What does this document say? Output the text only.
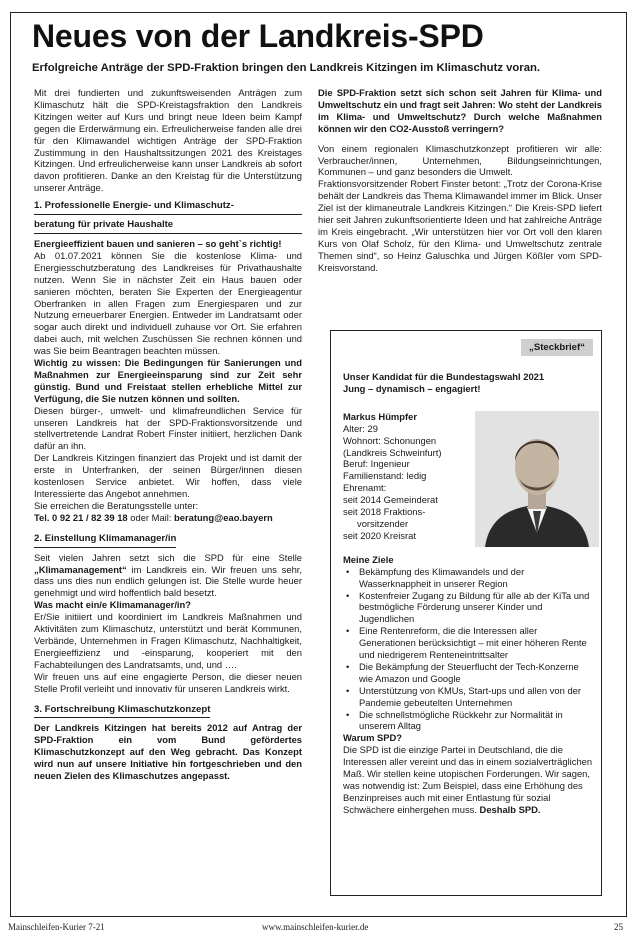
Neues von der Landkreis-SPD
Erfolgreiche Anträge der SPD-Fraktion bringen den Landkreis Kitzingen im Klimaschutz voran.

Mit drei fundierten und zukunftsweisenden Anträgen zum Klimaschutz hält die SPD-Kreistagsfraktion den Landkreis Kitzingen weiter auf Kurs und bringt neue Ideen beim Kampf gegen die Erderwärmung ein. Erfreulicherweise fanden alle drei für den Klimawandel wichtigen Anträge der SPD-Fraktion Zustimmung in den Haushaltssitzungen 2021 des Kreistages Kitzingen. Und erfreulicherweise kann unser Landkreis ab sofort davon profitieren. Danke an den Kreistag für die Unterstützung unserer Anträge.

1. Professionelle Energie- und Klimaschutz-
beratung für private Haushalte

Energieeffizient bauen und sanieren – so geht`s richtig!

Ab 01.07.2021 können Sie die kostenlose Klima- und Energiesschutzberatung des Landkreises für Privathaushalte nutzen. Wenn Sie in nächster Zeit ein Haus bauen oder sanieren möchten, beraten Sie Experten der Energieagentur Oberfranken in allen Fragen zum Energiesparen und zur Nutzung erneuerbarer Energien. Entweder im Landratsamt oder sogar auch direkt und individuell zuhause vor Ort. Sie erfahren dabei auch, mit welchen Zuschüssen Sie rechnen können und was Sie beim Beantragen beachten müssen.

Wichtig zu wissen: Die Bedingungen für Sanierungen und Maßnahmen zur Energieeinsparung sind zur Zeit sehr günstig. Bund und Freistaat stellen erhebliche Mittel zur Verfügung, die Sie nutzen können und sollten.

Diesen bürger-, umwelt- und klimafreundlichen Service für unseren Landkreis hat der SPD-Fraktionsvorsitzende und stellvertretende Landrat Robert Finster initiiert, herzlichen Dank dafür an ihn.

Der Landkreis Kitzingen finanziert das Projekt und ist damit der erste in Unterfranken, der seinen Bürger/innen diesen kostenlosen Service anbietet. Wir hoffen, dass viele Interessierte das Angebot annehmen.

Sie erreichen die Beratungsstelle unter:

Tel. 0 92 21 / 82 39 18 oder Mail: beratung@eao.bayern

2. Einstellung Klimamanager/in

Seit vielen Jahren setzt sich die SPD für eine Stelle „Klimamanagement“ im Landkreis ein. Wir freuen uns sehr, dass uns dies nun endlich gelungen ist. Die Stelle wurde heuer genehmigt und wird hoffentlich bald besetzt.

Was macht ein/e Klimamanager/in?

Er/Sie initiiert und koordiniert im Landkreis Maßnahmen und Aktivitäten zum Klimaschutz, unterstützt und berät Kommunen, Verbände, Unternehmen in Fragen Klimaschutz, Nachhaltigkeit, Energieeffizienz und -einsparung, kooperiert mit den Fachabteilungen des Landratsamts, und, und ….

Wir freuen uns auf eine engagierte Person, die dieser neuen Stelle Profil verleiht und innovativ für unseren Landkreis wirkt.

3. Fortschreibung Klimaschutzkonzept

Der Landkreis Kitzingen hat bereits 2012 auf Antrag der SPD-Fraktion ein vom Bund gefördertes Klimaschutzkonzept auf den Weg gebracht. Das Konzept wird nun auf unsere Initiative hin fortgeschrieben und den neuen Zielen des Klimaschutzes angepasst.

Die SPD-Fraktion setzt sich schon seit Jahren für Klima- und Umweltschutz ein und fragt seit Jahren: Wo steht der Landkreis im Klima- und Umweltschutz? Durch welche Maßnahmen können wir den CO2-Ausstoß verringern?

Von einem regionalen Klimaschutzkonzept profitieren wir alle: Verbraucher/innen, Unternehmen, Bildungseinrichtungen, Kommunen – und ganz besonders die Umwelt.

Fraktionsvorsitzender Robert Finster betont: „Trotz der Corona-Krise behält der Landkreis das Thema Klimawandel immer im Blick. Unser Ziel ist der klimaneutrale Landkreis Kitzingen.“ Die Kreis-SPD liefert hier seit Jahren zukunftsorientierte Ideen und hat zahlreiche Anträge im Kreis eingebracht. „Wir unterstützen hier vor Ort voll den klaren Kurs von Olaf Scholz, für den Klima- und Umweltschutz zentrale Themen sind“, so Heinz Galuschka und Jürgen Kößler vom SPD-Kreisvorstand.

„Steckbrief“

Unser Kandidat für die Bundestagswahl 2021

Jung – dynamisch – engagiert!

Markus Hümpfer

Alter: 29

Wohnort: Schonungen

(Landkreis Schweinfurt)

Beruf: Ingenieur

Familienstand: ledig

Ehrenamt:

seit 2014 Gemeinderat

seit 2018 Fraktions-

vorsitzender

seit 2020 Kreisrat

Meine Ziele

• Bekämpfung des Klimawandels und der Wasserknappheit in unserer Region
• Kostenfreier Zugang zu Bildung für alle ab der KiTa und bestmögliche Förderung unserer Kinder und Jugendlichen
• Eine Rentenreform, die die Interessen aller Generationen berücksichtigt – mit einer höheren Rente und niedrigerem Renteneintrittsalter
• Die Bekämpfung der Steuerflucht der Tech-Konzerne wie Amazon und Google
• Unterstützung von KMUs, Start-ups und allen von der Pandemie gebeutelten Unternehmen
• Die schnellstmögliche Rückkehr zur Normalität in unserem Alltag

Warum SPD?

Die SPD ist die einzige Partei in Deutschland, die die Interessen aller vereint und das in einem sozialverträglichen Maß. Wir stellen keine utopischen Forderungen. Wir sagen, was notwendig ist: Zum Beispiel, dass eine Erhöhung des Benzinpreises auch mit einer Entlastung für sozial Schwächere einhergehen muss. Deshalb SPD.

Mainschleifen-Kurier 7-21	www.mainschleifen-kurier.de	25
